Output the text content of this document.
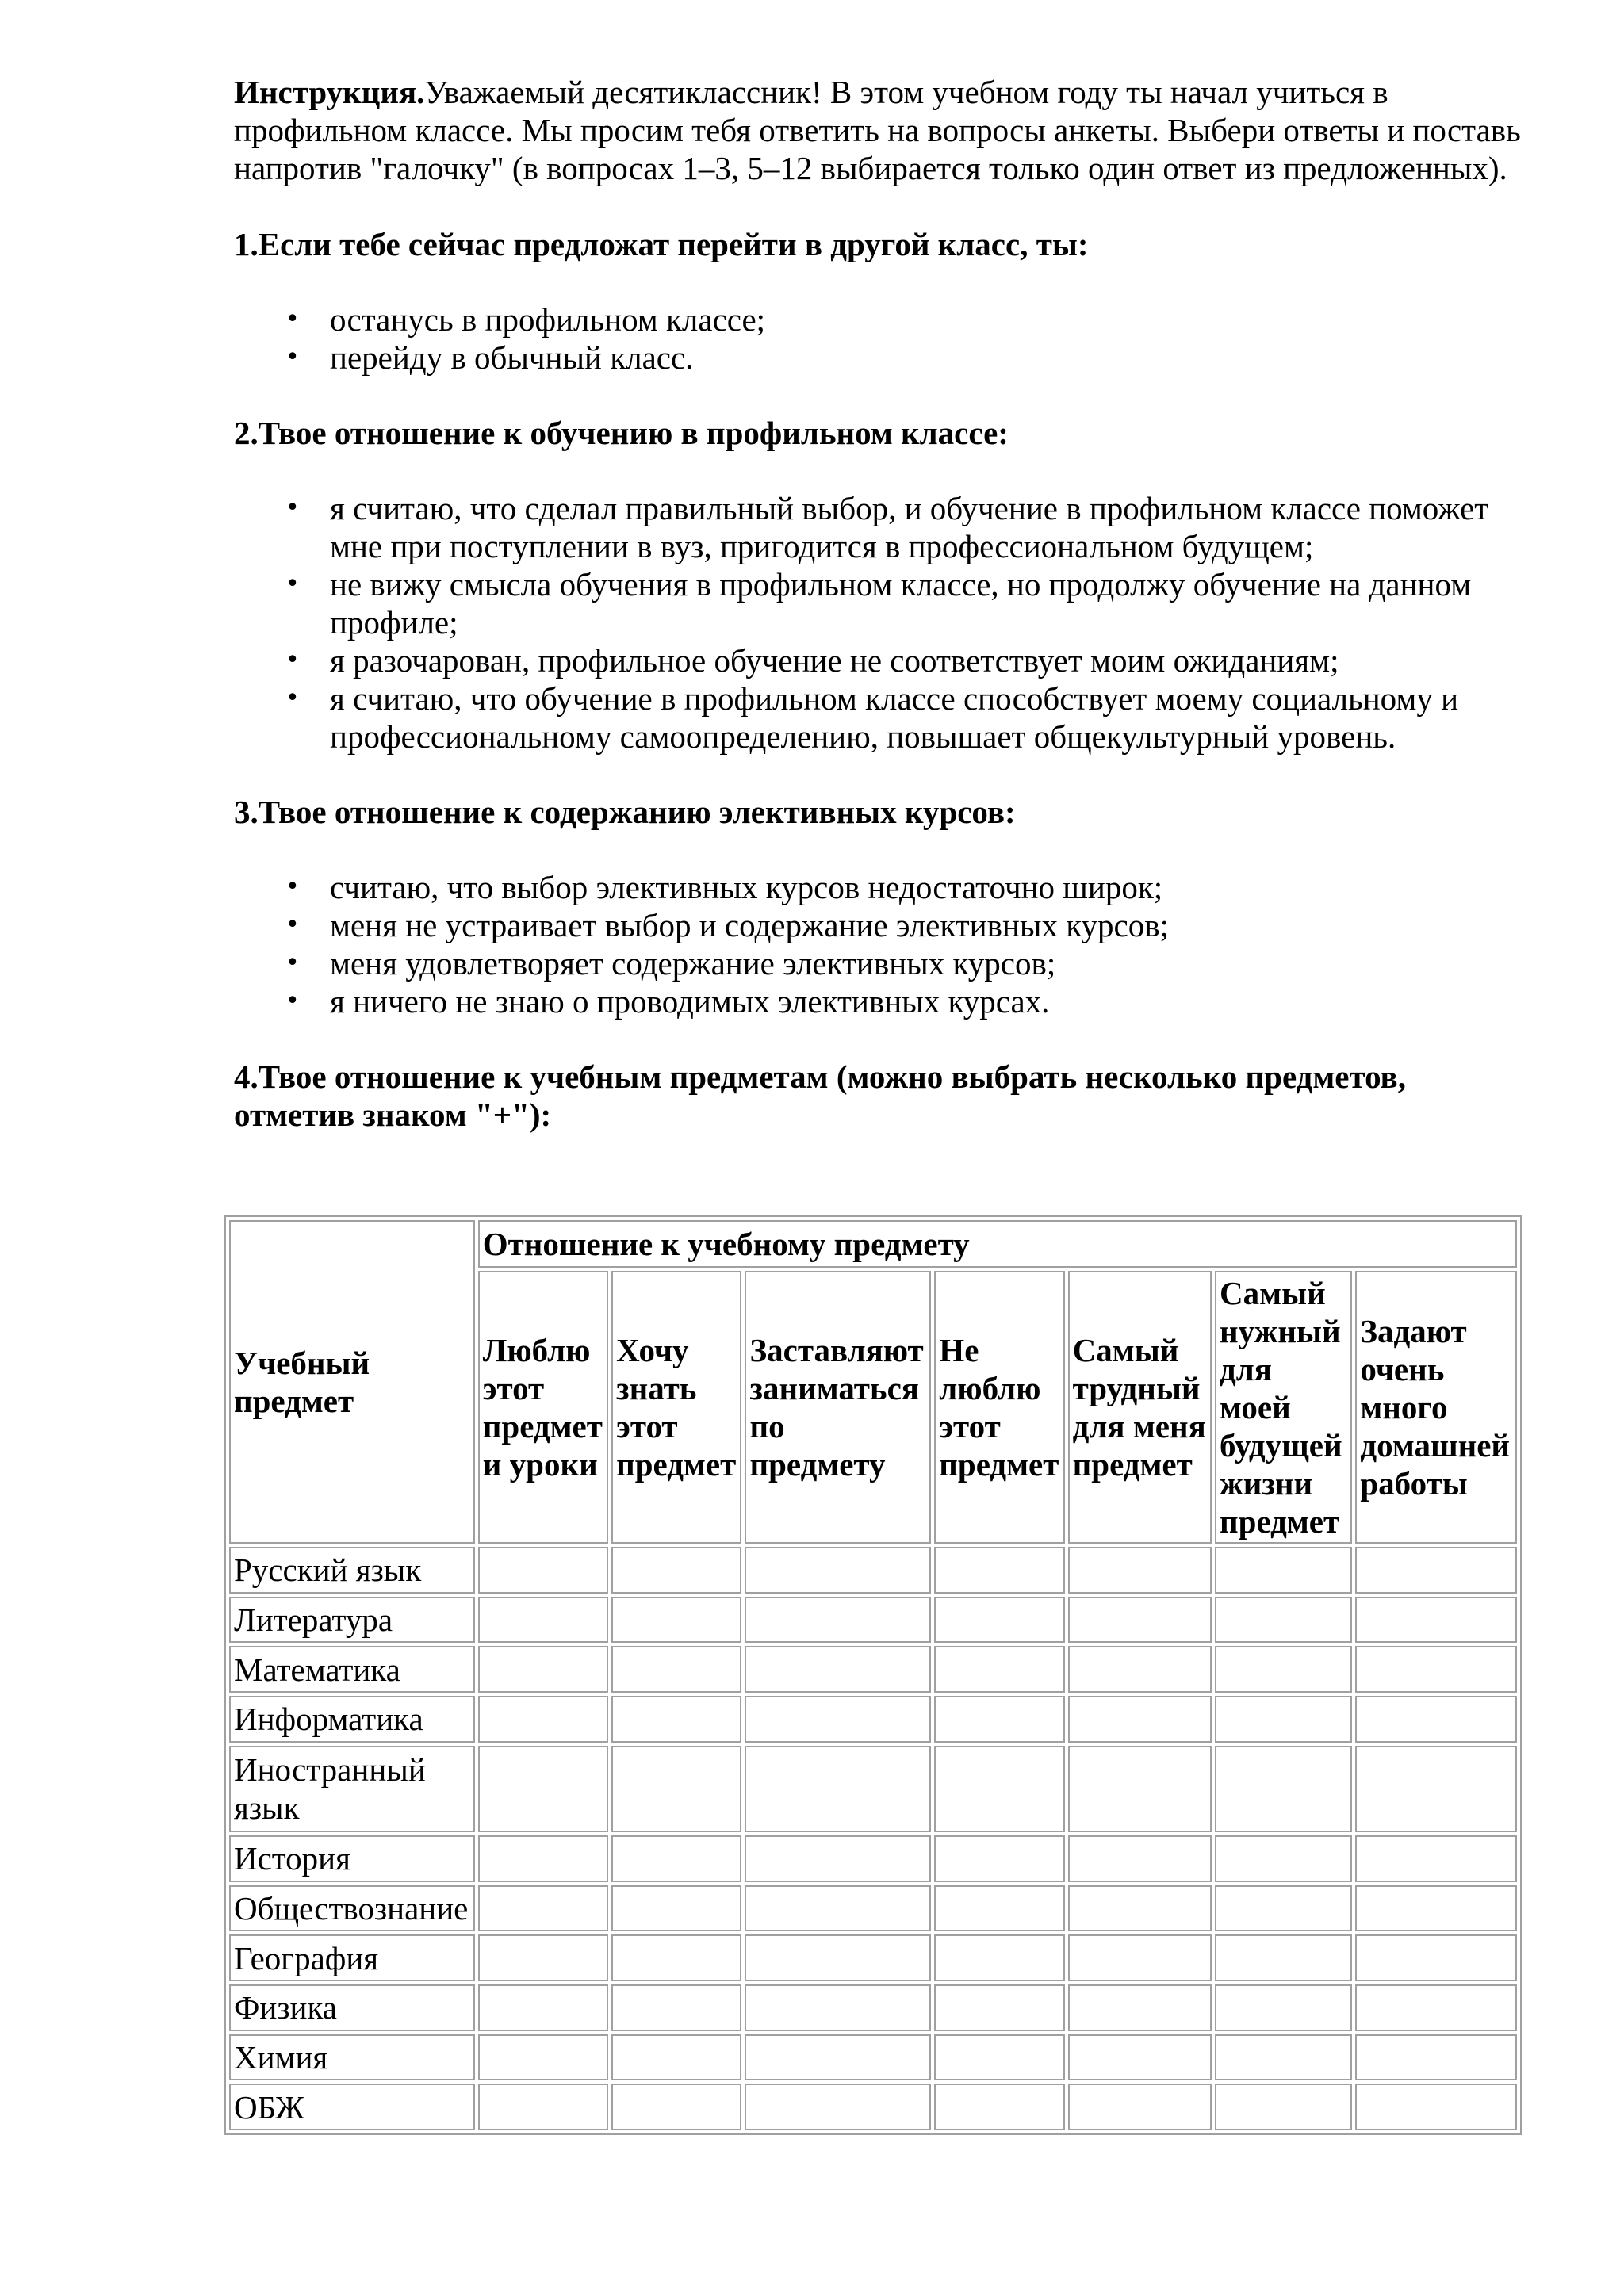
Инструкция.Уважаемый десятиклассник! В этом учебном году ты начал учиться в профильном классе. Мы просим тебя ответить на вопросы анкеты. Выбери ответы и поставь напротив "галочку" (в вопросах 1–3, 5–12 выбирается только один ответ из предложенных).

1.Если тебе сейчас предложат перейти в другой класс, ты:

• останусь в профильном классе;
• перейду в обычный класс.

2.Твое отношение к обучению в профильном классе:

• я считаю, что сделал правильный выбор, и обучение в профильном классе поможет мне при поступлении в вуз, пригодится в профессиональном будущем;
• не вижу смысла обучения в профильном классе, но продолжу обучение на данном профиле;
• я разочарован, профильное обучение не соответствует моим ожиданиям;
• я считаю, что обучение в профильном классе способствует моему социальному и профессиональному самоопределению, повышает общекультурный уровень.

3.Твое отношение к содержанию элективных курсов:

• считаю, что выбор элективных курсов недостаточно широк;
• меня не устраивает выбор и содержание элективных курсов;
• меня удовлетворяет содержание элективных курсов;
• я ничего не знаю о проводимых элективных курсах.

4.Твое отношение к учебным предметам (можно выбрать несколько предметов, отметив знаком "+"):

Учебный предмет	Отношение к учебному предмету						
	Люблю этот предмет и уроки	Хочу знать этот предмет	Заставляют заниматься по предмету	Не люблю этот предмет	Самый трудный для меня предмет	Самый нужный для моей будущей жизни предмет	Задают очень много домашней работы
Русский язык							
Литература							
Математика							
Информатика							
Иностранный язык							
История							
Обществознание							
География							
Физика							
Химия							
ОБЖ							
